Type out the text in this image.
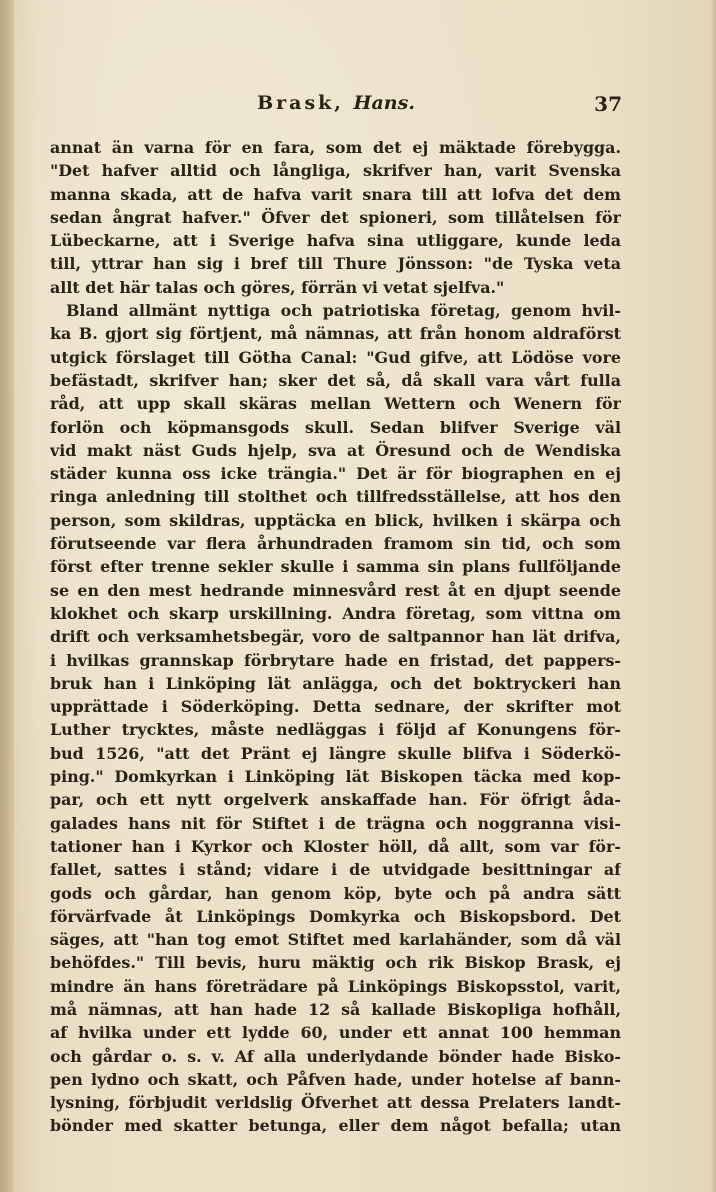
Brask, Hans.	37
annat än varna för en fara, som det ej mäktade förebygga.
"Det hafver alltid och långliga, skrifver han, varit Svenska
manna skada, att de hafva varit snara till att lofva det dem
sedan ångrat hafver." Öfver det spioneri, som tillåtelsen för
Lübeckarne, att i Sverige hafva sina utliggare, kunde leda
till, yttrar han sig i bref till Thure Jönsson: "de Tyska veta
allt det här talas och göres, förrän vi vetat sjelfva."
Bland allmänt nyttiga och patriotiska företag, genom hvil-
ka B. gjort sig förtjent, må nämnas, att från honom aldraförst
utgick förslaget till Götha Canal: "Gud gifve, att Lödöse vore
befästadt, skrifver han; sker det så, då skall vara vårt fulla
råd, att upp skall skäras mellan Wettern och Wenern för
forlön och köpmansgods skull. Sedan blifver Sverige väl
vid makt näst Guds hjelp, sva at Öresund och de Wendiska
städer kunna oss icke trängia." Det är för biographen en ej
ringa anledning till stolthet och tillfredsställelse, att hos den
person, som skildras, upptäcka en blick, hvilken i skärpa och
förutseende var flera århundraden framom sin tid, och som
först efter trenne sekler skulle i samma sin plans fullföljande
se en den mest hedrande minnesvård rest åt en djupt seende
klokhet och skarp urskillning. Andra företag, som vittna om
drift och verksamhetsbegär, voro de saltpannor han lät drifva,
i hvilkas grannskap förbrytare hade en fristad, det pappers-
bruk han i Linköping lät anlägga, och det boktryckeri han
upprättade i Söderköping. Detta sednare, der skrifter mot
Luther trycktes, måste nedläggas i följd af Konungens för-
bud 1526, "att det Pränt ej längre skulle blifva i Söderkö-
ping." Domkyrkan i Linköping lät Biskopen täcka med kop-
par, och ett nytt orgelverk anskaffade han. För öfrigt åda-
galades hans nit för Stiftet i de trägna och noggranna visi-
tationer han i Kyrkor och Kloster höll, då allt, som var för-
fallet, sattes i stånd; vidare i de utvidgade besittningar af
gods och gårdar, han genom köp, byte och på andra sätt
förvärfvade åt Linköpings Domkyrka och Biskopsbord. Det
säges, att "han tog emot Stiftet med karlahänder, som då väl
behöfdes." Till bevis, huru mäktig och rik Biskop Brask, ej
mindre än hans företrädare på Linköpings Biskopsstol, varit,
må nämnas, att han hade 12 så kallade Biskopliga hofhåll,
af hvilka under ett lydde 60, under ett annat 100 hemman
och gårdar o. s. v. Af alla underlydande bönder hade Bisko-
pen lydno och skatt, och Påfven hade, under hotelse af bann-
lysning, förbjudit verldslig Öfverhet att dessa Prelaters landt-
bönder med skatter betunga, eller dem något befalla; utan
